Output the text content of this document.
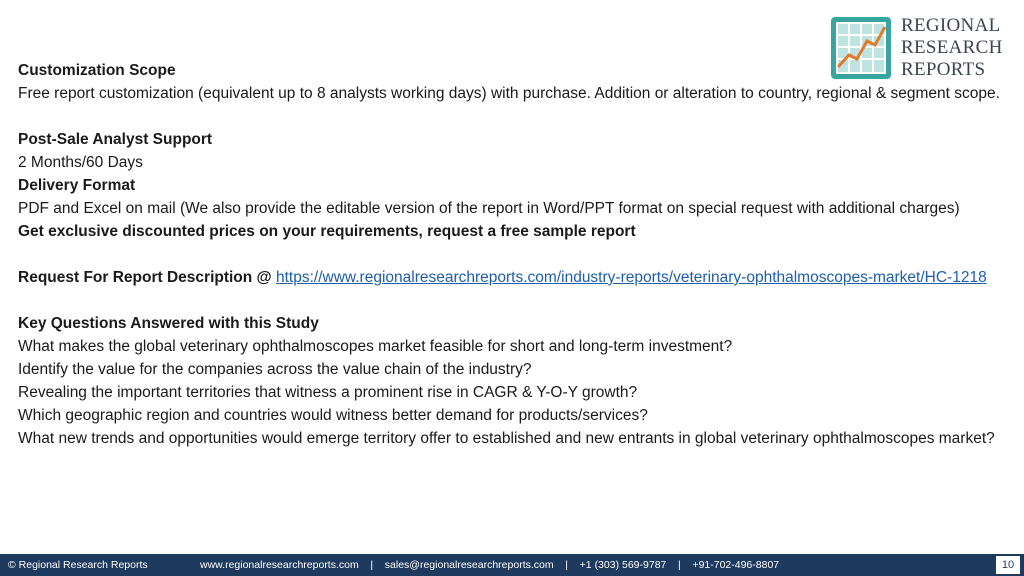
REGIONAL
RESEARCH
REPORTS

Customization Scope

Free report customization (equivalent up to 8 analysts working days) with purchase. Addition or alteration to country, regional & segment scope.

Post-Sale Analyst Support

2 Months/60 Days

Delivery Format

PDF and Excel on mail (We also provide the editable version of the report in Word/PPT format on special request with additional charges)

Get exclusive discounted prices on your requirements, request a free sample report

Request For Report Description @ https://www.regionalresearchreports.com/industry-reports/veterinary-ophthalmoscopes-market/HC-1218

Key Questions Answered with this Study

What makes the global veterinary ophthalmoscopes market feasible for short and long-term investment?

Identify the value for the companies across the value chain of the industry?

Revealing the important territories that witness a prominent rise in CAGR & Y-O-Y growth?

Which geographic region and countries would witness better demand for products/services?

What new trends and opportunities would emerge territory offer to established and new entrants in global veterinary ophthalmoscopes market?

© Regional Research Reports	www.regionalresearchreports.com    |    sales@regionalresearchreports.com    |    +1 (303) 569-9787    |    +91-702-496-8807	10
